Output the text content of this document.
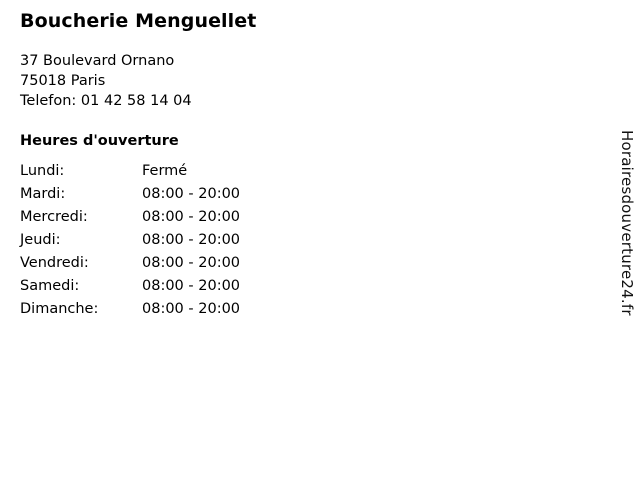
Boucherie Menguellet
37 Boulevard Ornano
75018 Paris
Telefon: 01 42 58 14 04
Heures d'ouverture
Lundi:	Fermé
Mardi:	08:00 - 20:00
Mercredi:	08:00 - 20:00
Jeudi:	08:00 - 20:00
Vendredi:	08:00 - 20:00
Samedi:	08:00 - 20:00
Dimanche:	08:00 - 20:00	Horairesdouverture24.fr
